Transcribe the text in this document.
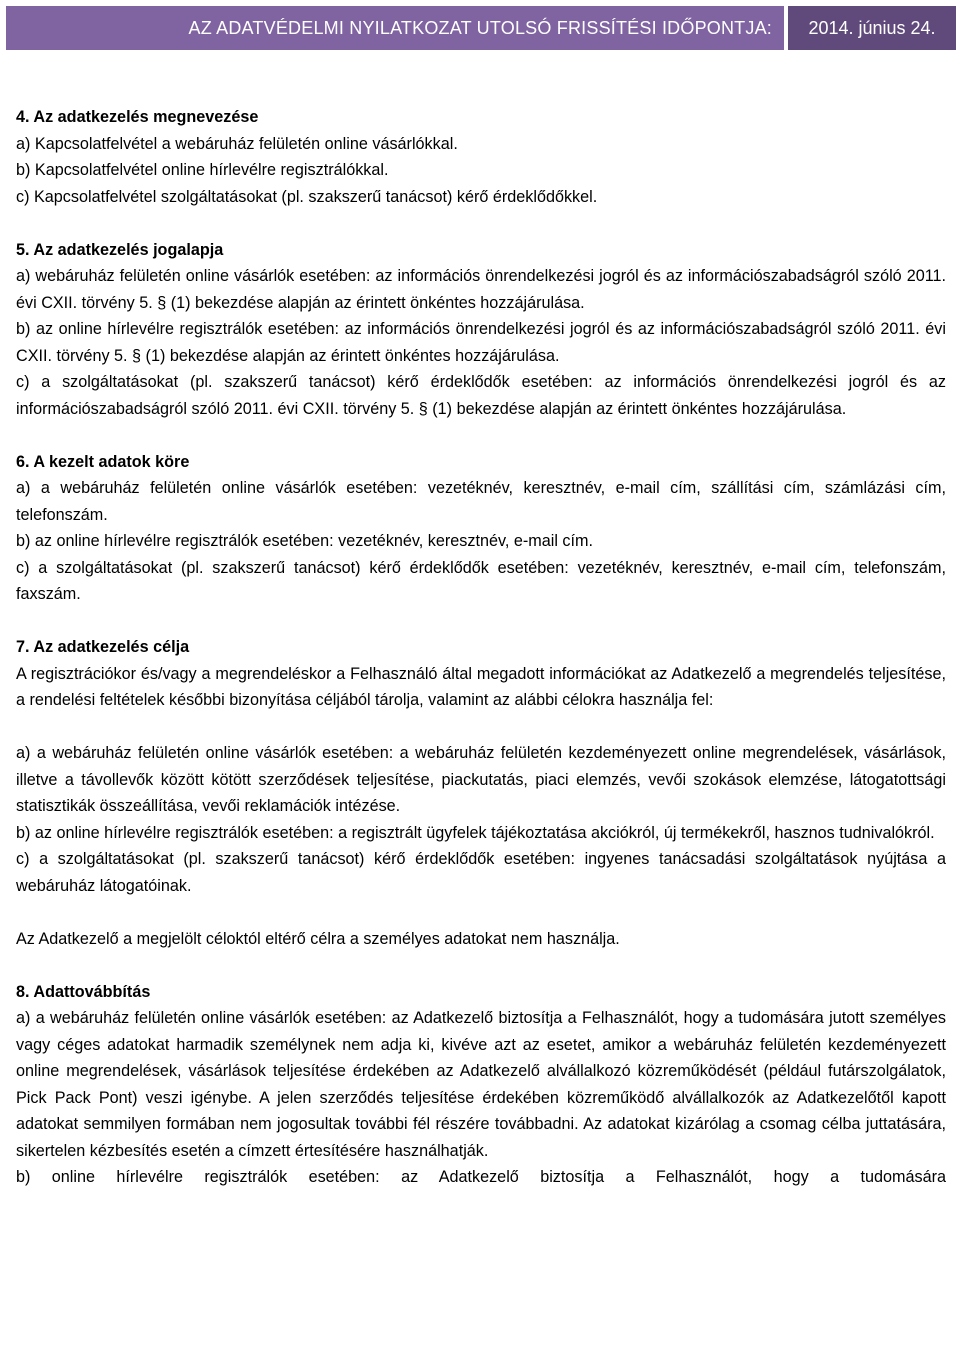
AZ ADATVÉDELMI NYILATKOZAT UTOLSÓ FRISSÍTÉSI IDŐPONTJA:	2014. június 24.

4. Az adatkezelés megnevezése

a) Kapcsolatfelvétel a webáruház felületén online vásárlókkal.

b) Kapcsolatfelvétel online hírlevélre regisztrálókkal.

c) Kapcsolatfelvétel szolgáltatásokat (pl. szakszerű tanácsot) kérő érdeklődőkkel.

5. Az adatkezelés jogalapja

a) webáruház felületén online vásárlók esetében: az információs önrendelkezési jogról és az információszabadságról szóló 2011. évi CXII. törvény 5. § (1) bekezdése alapján az érintett önkéntes hozzájárulása.

b) az online hírlevélre regisztrálók esetében: az információs önrendelkezési jogról és az információszabadságról szóló 2011. évi CXII. törvény 5. § (1) bekezdése alapján az érintett önkéntes hozzájárulása.

c) a szolgáltatásokat (pl. szakszerű tanácsot) kérő érdeklődők esetében: az információs önrendelkezési jogról és az információszabadságról szóló 2011. évi CXII. törvény 5. § (1) bekezdése alapján az érintett önkéntes hozzájárulása.

6. A kezelt adatok köre

a) a webáruház felületén online vásárlók esetében: vezetéknév, keresztnév, e-mail cím, szállítási cím, számlázási cím, telefonszám.

b) az online hírlevélre regisztrálók esetében: vezetéknév, keresztnév, e-mail cím.

c) a szolgáltatásokat (pl. szakszerű tanácsot) kérő érdeklődők esetében: vezetéknév, keresztnév, e-mail cím, telefonszám, faxszám.

7. Az adatkezelés célja

A regisztrációkor és/vagy a megrendeléskor a Felhasználó által megadott információkat az Adatkezelő a megrendelés teljesítése, a rendelési feltételek későbbi bizonyítása céljából tárolja, valamint az alábbi célokra használja fel:

a) a webáruház felületén online vásárlók esetében: a webáruház felületén kezdeményezett online megrendelések, vásárlások, illetve a távollevők között kötött szerződések teljesítése, piackutatás, piaci elemzés, vevői szokások elemzése, látogatottsági statisztikák összeállítása, vevői reklamációk intézése.

b) az online hírlevélre regisztrálók esetében: a regisztrált ügyfelek tájékoztatása akciókról, új termékekről, hasznos tudnivalókról.

c) a szolgáltatásokat (pl. szakszerű tanácsot) kérő érdeklődők esetében: ingyenes tanácsadási szolgáltatások nyújtása a webáruház látogatóinak.

Az Adatkezelő a megjelölt céloktól eltérő célra a személyes adatokat nem használja.

8. Adattovábbítás

a) a webáruház felületén online vásárlók esetében: az Adatkezelő biztosítja a Felhasználót, hogy a tudomására jutott személyes vagy céges adatokat harmadik személynek nem adja ki, kivéve azt az esetet, amikor a webáruház felületén kezdeményezett online megrendelések, vásárlások teljesítése érdekében az Adatkezelő alvállalkozó közreműködését (például futárszolgálatok, Pick Pack Pont) veszi igénybe. A jelen szerződés teljesítése érdekében közreműködő alvállalkozók az Adatkezelőtől kapott adatokat semmilyen formában nem jogosultak további fél részére továbbadni. Az adatokat kizárólag a csomag célba juttatására, sikertelen kézbesítés esetén a címzett értesítésére használhatják.

b) online hírlevélre regisztrálók esetében: az Adatkezelő biztosítja a Felhasználót, hogy a tudomására
